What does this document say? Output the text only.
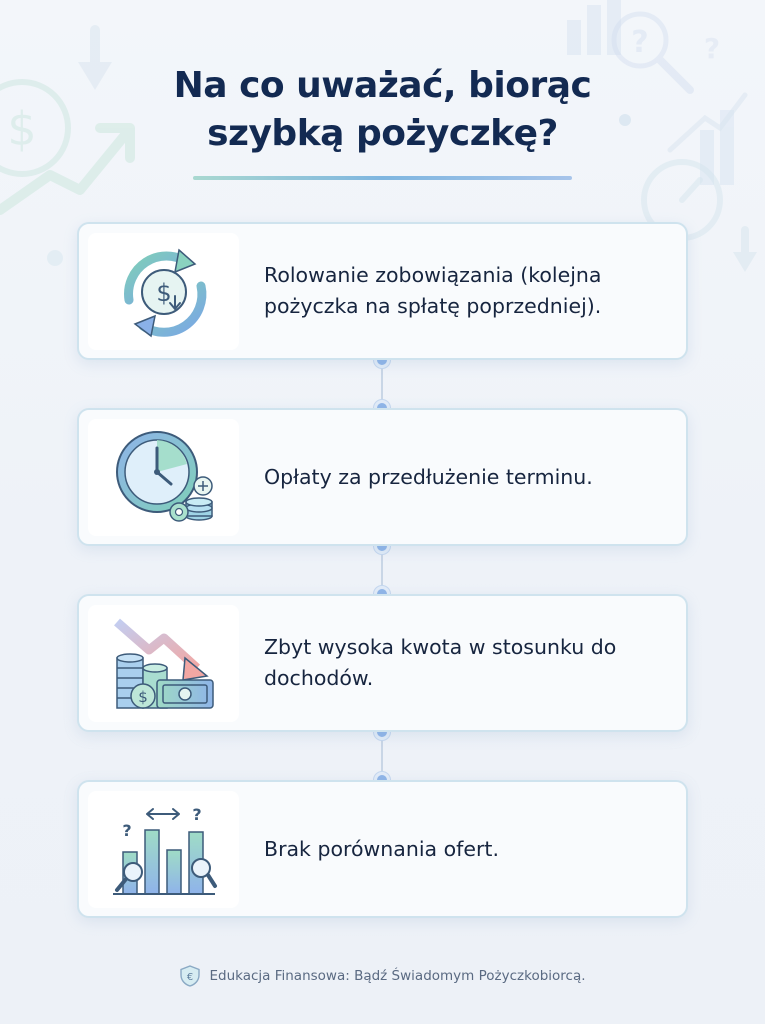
$
? ?
Na co uważać, biorąc
szybką pożyczkę?
$
Rolowanie zobowiązania (kolejna pożyczka na spłatę poprzedniej).
Opłaty za przedłużenie terminu.
$
Zbyt wysoka kwota w stosunku do dochodów.
?
?
Brak porównania ofert.
€ Edukacja Finansowa: Bądź Świadomym Pożyczkobiorcą.
